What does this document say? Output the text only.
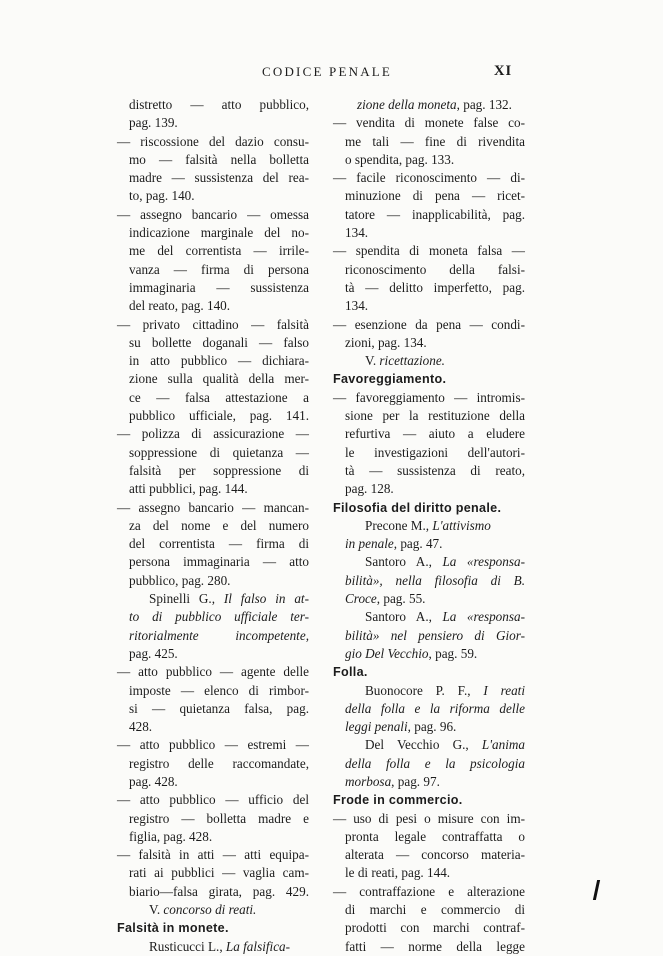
CODICE PENALE	XI
distretto — atto pubblico,
pag. 139.
— riscossione del dazio consu-
mo — falsità nella bolletta
madre — sussistenza del rea-
to, pag. 140.
— assegno bancario — omessa
indicazione marginale del no-
me del correntista — irrile-
vanza — firma di persona
immaginaria — sussistenza
del reato, pag. 140.
— privato cittadino — falsità
su bollette doganali — falso
in atto pubblico — dichiara-
zione sulla qualità della mer-
ce — falsa attestazione a
pubblico ufficiale, pag. 141.
— polizza di assicurazione —
soppressione di quietanza —
falsità per soppressione di
atti pubblici, pag. 144.
— assegno bancario — mancan-
za del nome e del numero
del correntista — firma di
persona immaginaria — atto
pubblico, pag. 280.
Spinelli G., Il falso in at-
to di pubblico ufficiale ter-
ritorialmente incompetente,
pag. 425.
— atto pubblico — agente delle
imposte — elenco di rimbor-
si — quietanza falsa, pag.
428.
— atto pubblico — estremi —
registro delle raccomandate,
pag. 428.
— atto pubblico — ufficio del
registro — bolletta madre e
figlia, pag. 428.
— falsità in atti — atti equipa-
rati ai pubblici — vaglia cam-
biario—falsa girata, pag. 429.
V. concorso di reati.
Falsità in monete.
Rusticucci L., La falsifica-
zione della moneta, pag. 132.
— vendita di monete false co-
me tali — fine di rivendita
o spendita, pag. 133.
— facile riconoscimento — di-
minuzione di pena — ricet-
tatore — inapplicabilità, pag.
134.
— spendita di moneta falsa —
riconoscimento della falsi-
tà — delitto imperfetto, pag.
134.
— esenzione da pena — condi-
zioni, pag. 134.
V. ricettazione.
Favoreggiamento.
— favoreggiamento — intromis-
sione per la restituzione della
refurtiva — aiuto a eludere
le investigazioni dell'autori-
tà — sussistenza di reato,
pag. 128.
Filosofia del diritto penale.
Precone M., L'attivismo
in penale, pag. 47.
Santoro A., La «responsa-
bilità», nella filosofia di B.
Croce, pag. 55.
Santoro A., La «responsa-
bilità» nel pensiero di Gior-
gio Del Vecchio, pag. 59.
Folla.
Buonocore P. F., I reati
della folla e la riforma delle
leggi penali, pag. 96.
Del Vecchio G., L'anima
della folla e la psicologia
morbosa, pag. 97.
Frode in commercio.
— uso di pesi o misure con im-
pronta legale contraffatta o
alterata — concorso materia-
le di reati, pag. 144.
— contraffazione e alterazione
di marchi e commercio di
prodotti con marchi contraf-
fatti — norme della legge
